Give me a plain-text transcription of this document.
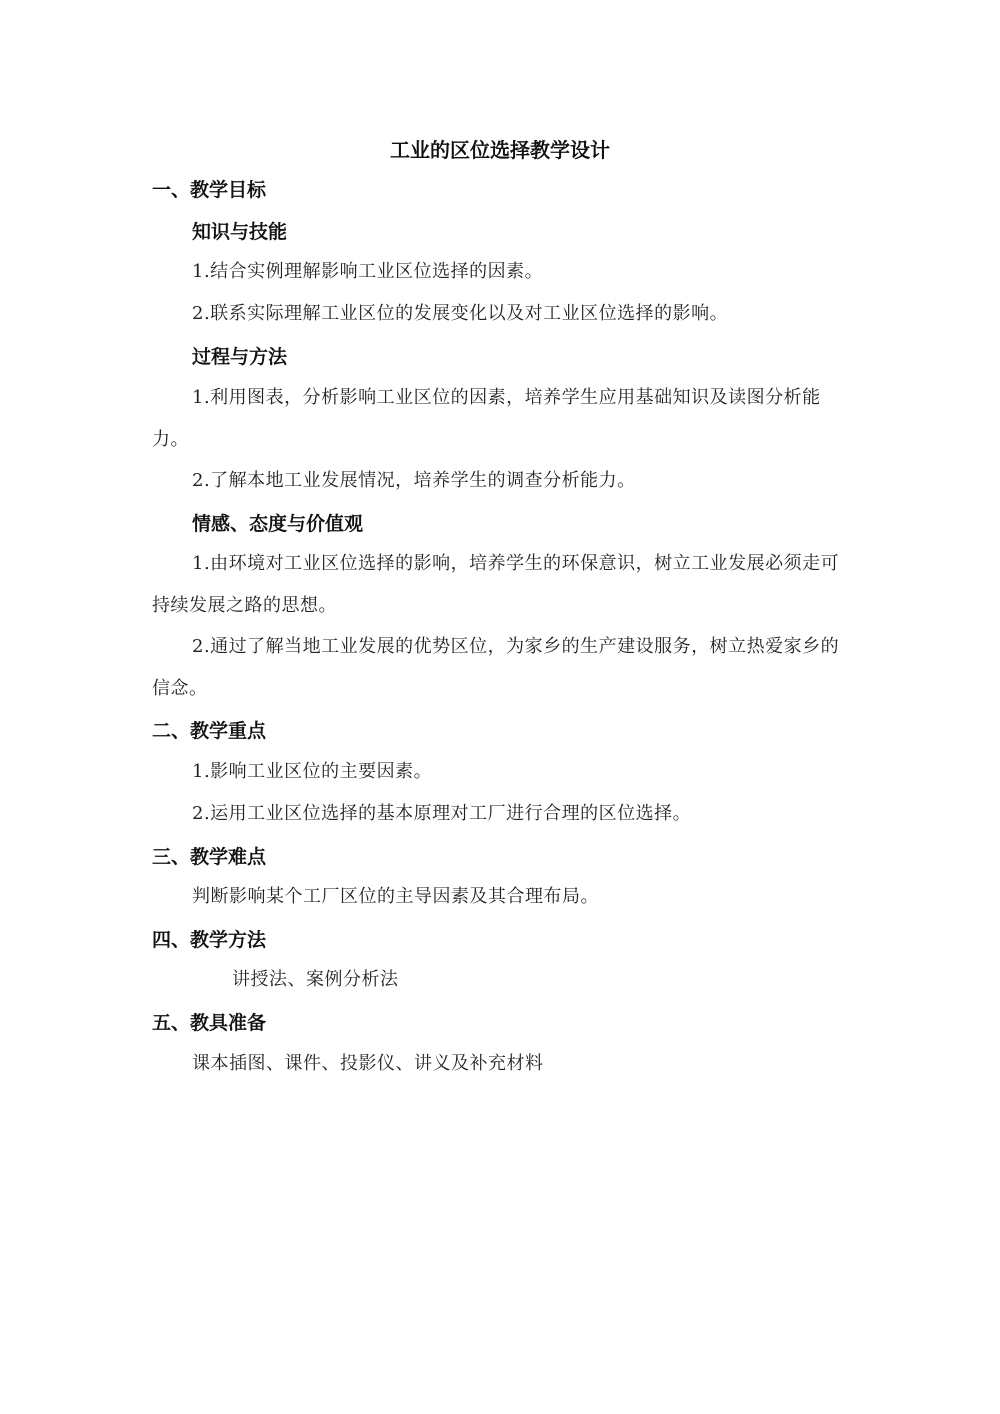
工业的区位选择教学设计
一、教学目标
知识与技能
1.结合实例理解影响工业区位选择的因素。
2.联系实际理解工业区位的发展变化以及对工业区位选择的影响。
过程与方法
1.利用图表，分析影响工业区位的因素，培养学生应用基础知识及读图分析能力。
2.了解本地工业发展情况，培养学生的调查分析能力。
情感、态度与价值观
1.由环境对工业区位选择的影响，培养学生的环保意识，树立工业发展必须走可持续发展之路的思想。
2.通过了解当地工业发展的优势区位，为家乡的生产建设服务，树立热爱家乡的信念。
二、教学重点
1.影响工业区位的主要因素。
2.运用工业区位选择的基本原理对工厂进行合理的区位选择。
三、教学难点
判断影响某个工厂区位的主导因素及其合理布局。
四、教学方法
讲授法、案例分析法
五、教具准备
课本插图、课件、投影仪、讲义及补充材料
